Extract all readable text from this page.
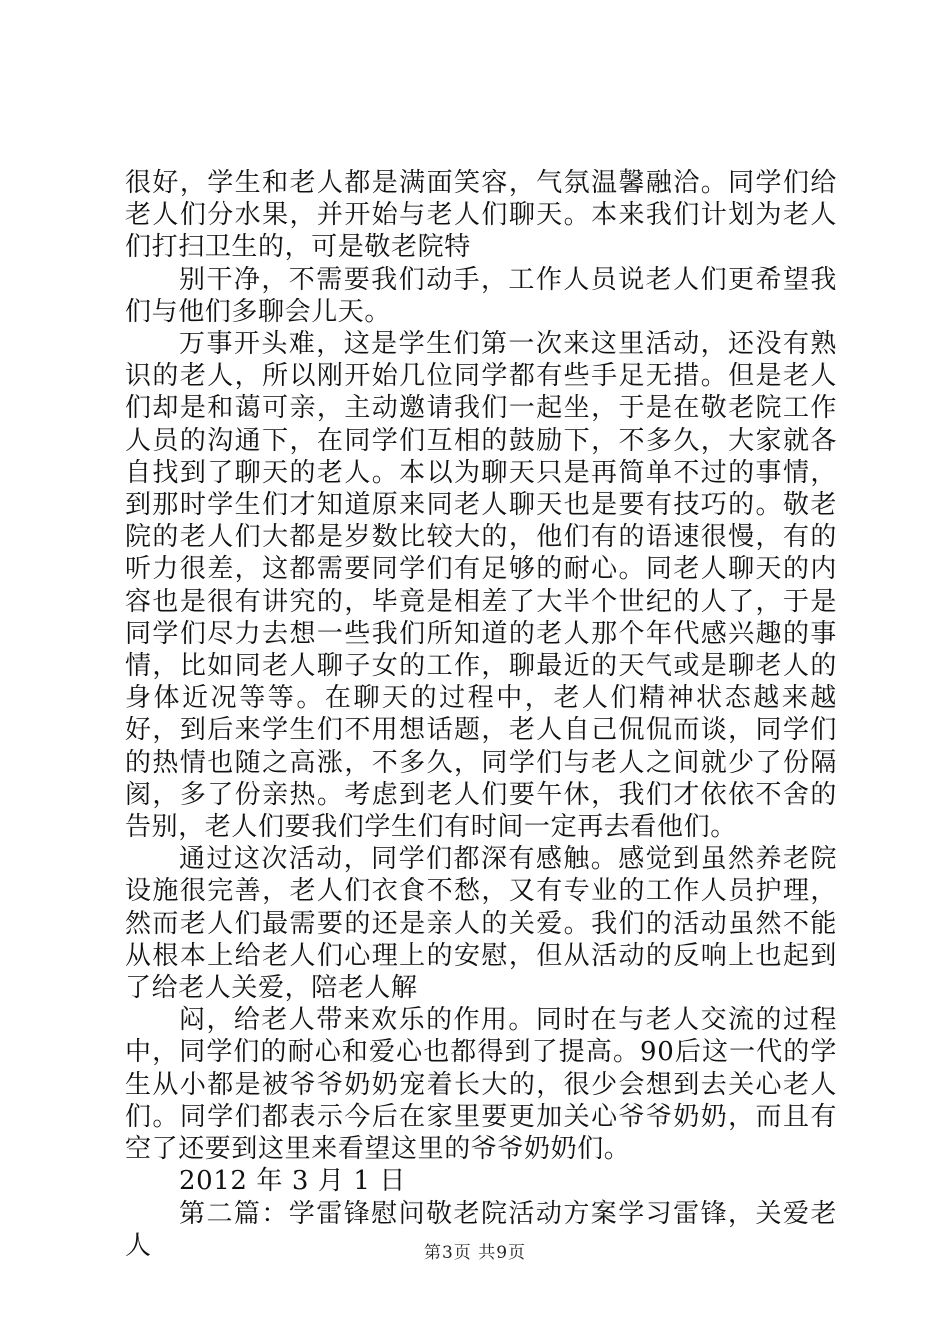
很好，学生和老人都是满面笑容，气氛温馨融洽。同学们给老人们分水果，并开始与老人们聊天。本来我们计划为老人们打扫卫生的，可是敬老院特

别干净，不需要我们动手，工作人员说老人们更希望我们与他们多聊会儿天。

万事开头难，这是学生们第一次来这里活动，还没有熟识的老人，所以刚开始几位同学都有些手足无措。但是老人们却是和蔼可亲，主动邀请我们一起坐，于是在敬老院工作人员的沟通下，在同学们互相的鼓励下，不多久，大家就各自找到了聊天的老人。本以为聊天只是再简单不过的事情，到那时学生们才知道原来同老人聊天也是要有技巧的。敬老院的老人们大都是岁数比较大的，他们有的语速很慢，有的听力很差，这都需要同学们有足够的耐心。同老人聊天的内容也是很有讲究的，毕竟是相差了大半个世纪的人了，于是同学们尽力去想一些我们所知道的老人那个年代感兴趣的事情，比如同老人聊子女的工作，聊最近的天气或是聊老人的身体近况等等。在聊天的过程中，老人们精神状态越来越好，到后来学生们不用想话题，老人自己侃侃而谈，同学们的热情也随之高涨，不多久，同学们与老人之间就少了份隔阂，多了份亲热。考虑到老人们要午休，我们才依依不舍的告别，老人们要我们学生们有时间一定再去看他们。

通过这次活动，同学们都深有感触。感觉到虽然养老院设施很完善，老人们衣食不愁，又有专业的工作人员护理，然而老人们最需要的还是亲人的关爱。我们的活动虽然不能从根本上给老人们心理上的安慰，但从活动的反响上也起到了给老人关爱，陪老人解

闷，给老人带来欢乐的作用。同时在与老人交流的过程中，同学们的耐心和爱心也都得到了提高。90后这一代的学生从小都是被爷爷奶奶宠着长大的，很少会想到去关心老人们。同学们都表示今后在家里要更加关心爷爷奶奶，而且有空了还要到这里来看望这里的爷爷奶奶们。

2012 年 3 月 1 日

第二篇：学雷锋慰问敬老院活动方案学习雷锋，关爱老人	第3页 共9页
